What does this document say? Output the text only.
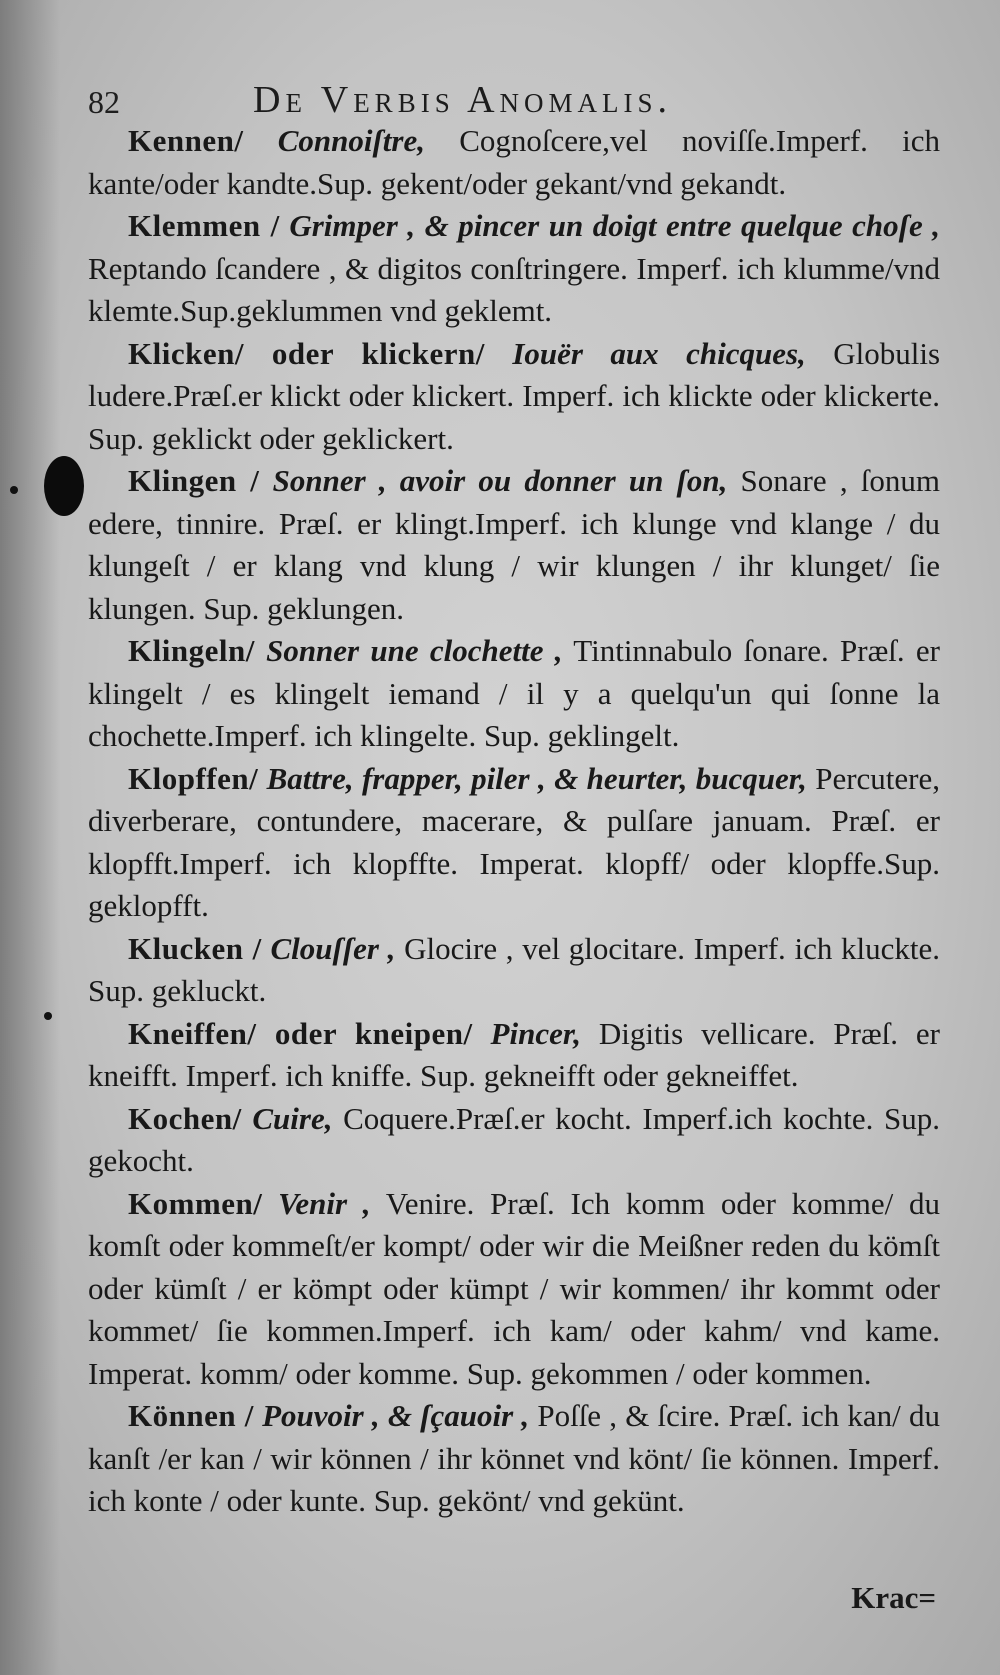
82	De Verbis Anomalis.

Kennen/ Connoiſtre, Cognoſcere,vel noviſſe.Imperf. ich kante/oder kandte.Sup. gekent/oder gekant/vnd gekandt.

Klemmen / Grimper , & pincer un doigt entre quelque choſe , Reptando ſcandere , & digitos conſtringere. Imperf. ich klumme/vnd klemte.Sup.geklummen vnd geklemt.

Klicken/ oder klickern/ Iouër aux chicques, Globulis ludere.Præſ.er klickt oder klickert. Imperf. ich klickte oder klickerte. Sup. geklickt oder geklickert.

Klingen / Sonner , avoir ou donner un ſon, Sonare , ſonum edere, tinnire. Præſ. er klingt.Imperf. ich klunge vnd klange / du klungeſt / er klang vnd klung / wir klungen / ihr klunget/ ſie klungen. Sup. geklungen.

Klingeln/ Sonner une clochette , Tintinnabulo ſonare. Præſ. er klingelt / es klingelt iemand / il y a quelqu'un qui ſonne la chochette.Imperf. ich klingelte. Sup. geklingelt.

Klopffen/ Battre, frapper, piler , & heurter, bucquer, Percutere, diverberare, contundere, macerare, & pulſare januam. Præſ. er klopfft.Imperf. ich klopffte. Imperat. klopff/ oder klopffe.Sup. geklopfft.

Klucken / Clouſſer , Glocire , vel glocitare. Imperf. ich kluckte. Sup. gekluckt.

Kneiffen/ oder kneipen/ Pincer, Digitis vellicare. Præſ. er kneifft. Imperf. ich kniffe. Sup. gekneifft oder gekneiffet.

Kochen/ Cuire, Coquere.Præſ.er kocht. Imperf.ich kochte. Sup. gekocht.

Kommen/ Venir , Venire. Præſ. Ich komm oder komme/ du komſt oder kommeſt/er kompt/ oder wir die Meißner reden du kömſt oder kümſt / er kömpt oder kümpt / wir kommen/ ihr kommt oder kommet/ ſie kommen.Imperf. ich kam/ oder kahm/ vnd kame. Imperat. komm/ oder komme. Sup. gekommen / oder kommen.

Können / Pouvoir , & ſçauoir , Poſſe , & ſcire. Præſ. ich kan/ du kanſt /er kan / wir können / ihr könnet vnd könt/ ſie können. Imperf. ich konte / oder kunte. Sup. gekönt/ vnd gekünt.

Krac=
